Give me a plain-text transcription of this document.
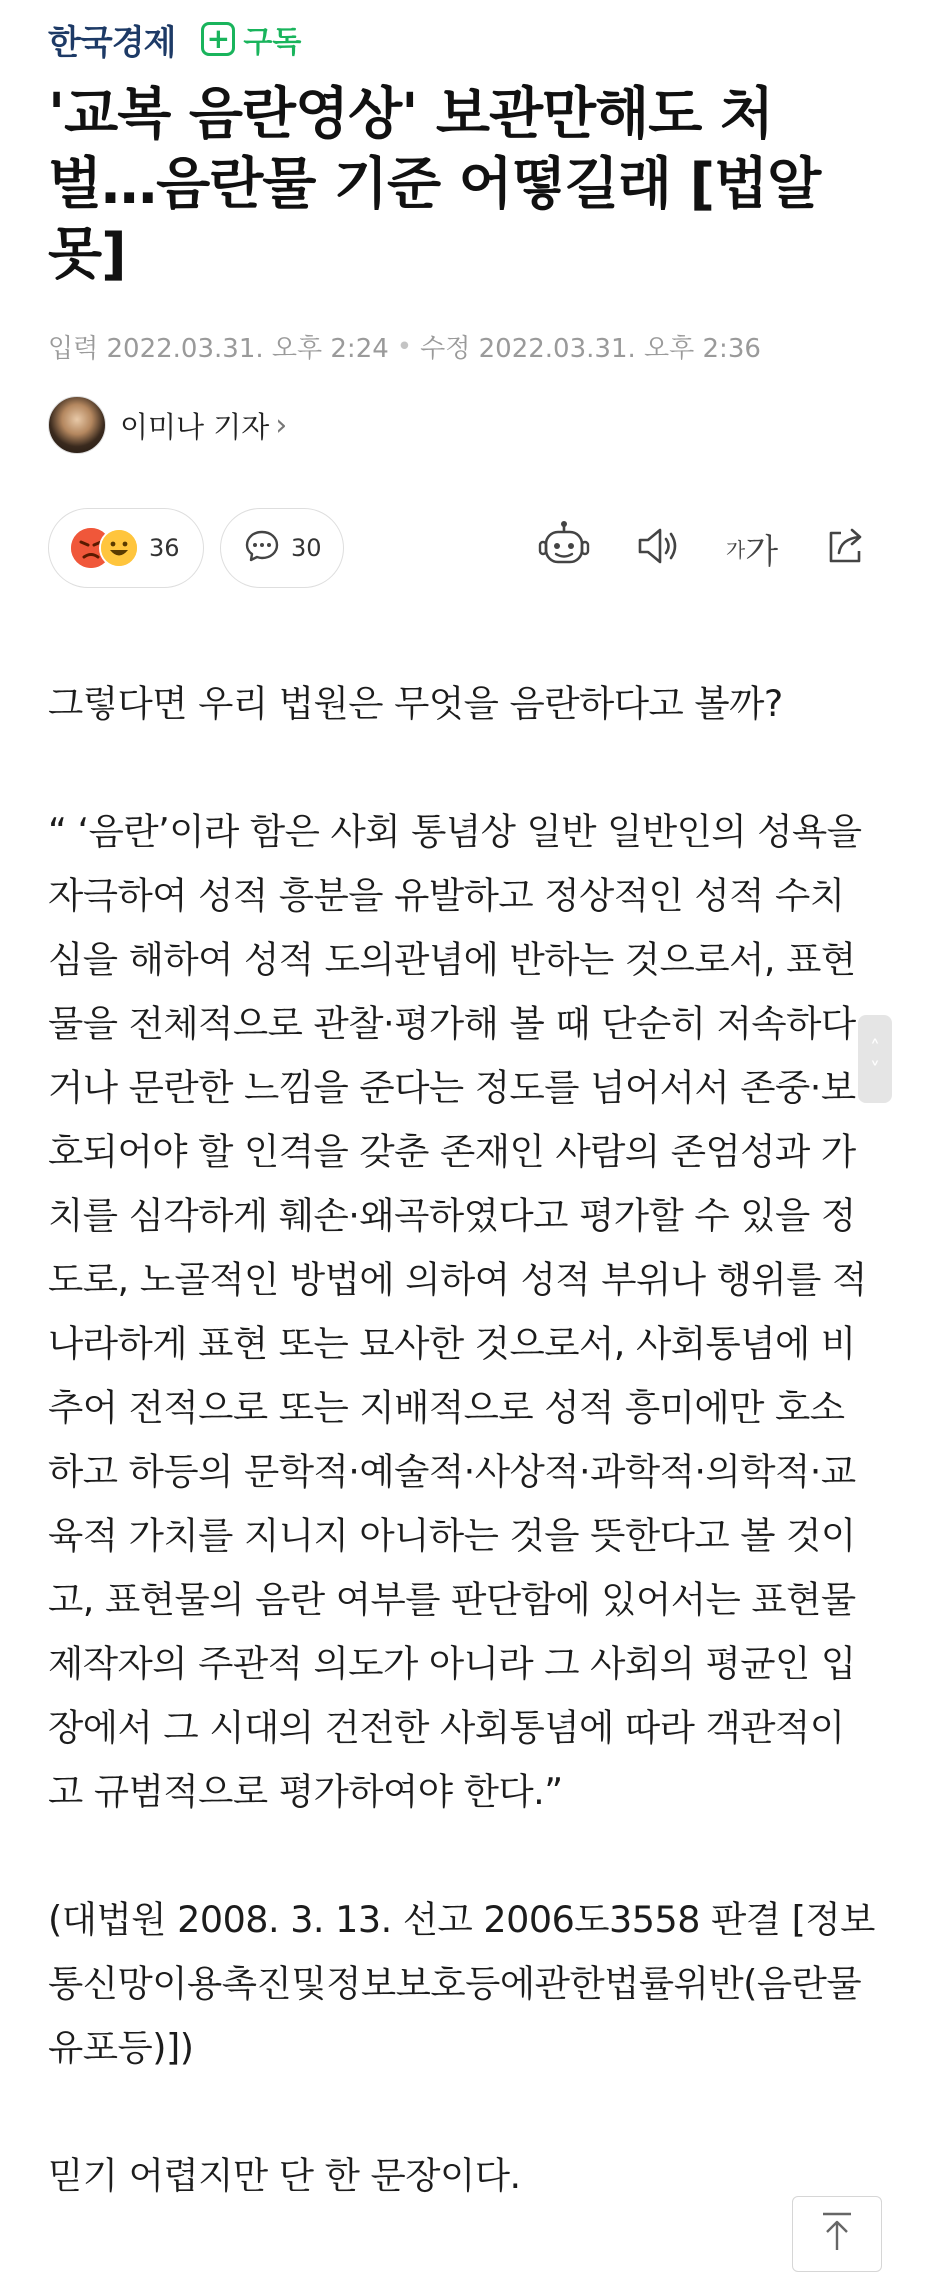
한국경제 + 구독
'교복 음란영상' 보관만해도 처벌…음란물 기준 어떻길래 [법알못]
입력 2022.03.31. 오후 2:24 • 수정 2022.03.31. 오후 2:36
이미나 기자 ›
36	30	가 가

그렇다면 우리 법원은 무엇을 음란하다고 볼까?

“ ‘음란’이라 함은 사회 통념상 일반 일반인의 성욕을 자극하여 성적 흥분을 유발하고 정상적인 성적 수치심을 해하여 성적 도의관념에 반하는 것으로서, 표현물을 전체적으로 관찰·평가해 볼 때 단순히 저속하다거나 문란한 느낌을 준다는 정도를 넘어서서 존중·보호되어야 할 인격을 갖춘 존재인 사람의 존엄성과 가치를 심각하게 훼손·왜곡하였다고 평가할 수 있을 정도로, 노골적인 방법에 의하여 성적 부위나 행위를 적나라하게 표현 또는 묘사한 것으로서, 사회통념에 비추어 전적으로 또는 지배적으로 성적 흥미에만 호소하고 하등의 문학적·예술적·사상적·과학적·의학적·교육적 가치를 지니지 아니하는 것을 뜻한다고 볼 것이고, 표현물의 음란 여부를 판단함에 있어서는 표현물 제작자의 주관적 의도가 아니라 그 사회의 평균인 입장에서 그 시대의 건전한 사회통념에 따라 객관적이고 규범적으로 평가하여야 한다.”

(대법원 2008. 3. 13. 선고 2006도3558 판결 [정보통신망이용촉진및정보보호등에관한법률위반(음란물유포등)])

믿기 어렵지만 단 한 문장이다.

˄
˅
